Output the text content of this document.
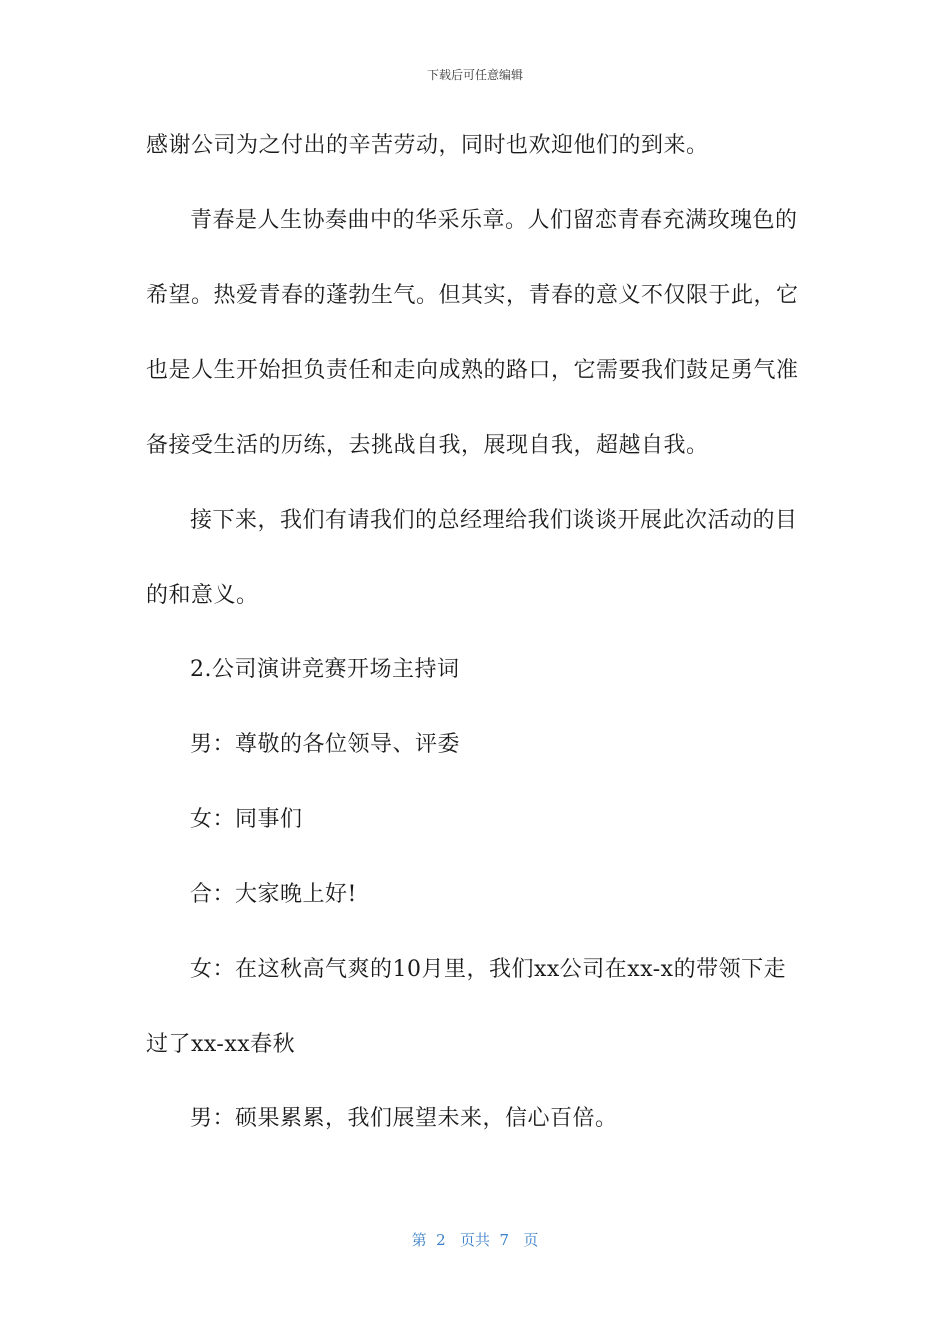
下载后可任意编辑
感谢公司为之付出的辛苦劳动，同时也欢迎他们的到来。
青春是人生协奏曲中的华采乐章。人们留恋青春充满玫瑰色的
希望。热爱青春的蓬勃生气。但其实，青春的意义不仅限于此，它
也是人生开始担负责任和走向成熟的路口，它需要我们鼓足勇气准
备接受生活的历练，去挑战自我，展现自我，超越自我。
接下来，我们有请我们的总经理给我们谈谈开展此次活动的目
的和意义。
2.公司演讲竞赛开场主持词
男：尊敬的各位领导、评委
女：同事们
合：大家晚上好!
女：在这秋高气爽的10月里，我们xx公司在xx-x的带领下走
过了xx-xx春秋
男：硕果累累，我们展望未来，信心百倍。
第  2   页共  7   页
